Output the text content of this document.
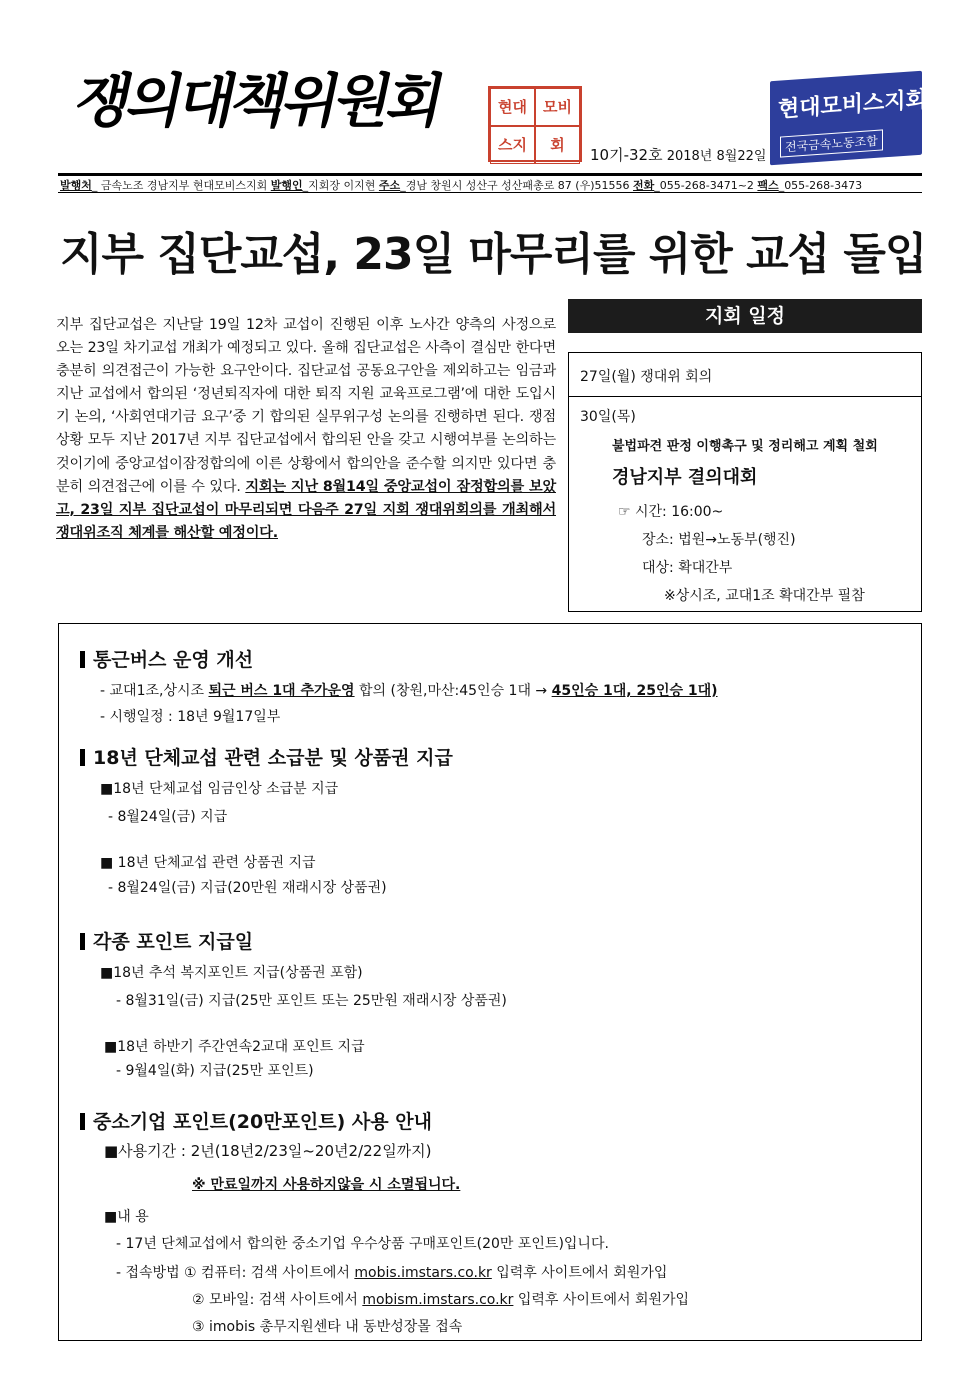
쟁의대책위원회	현대	모비
스지	회
10기-32호 2018년 8월22일
현대모비스지회
전국금속노동조합
발행처_ 금속노조 경남지부 현대모비스지회 발행인_지회장 이지현 주소_경남 창원시 성산구 성산패총로 87 (우)51556 전화_055-268-3471~2 팩스_055-268-3473
지부 집단교섭, 23일 마무리를 위한 교섭 돌입
지부 집단교섭은 지난달 19일 12차 교섭이 진행된 이후 노사간 양측의 사정으로 오는 23일 차기교섭 개최가 예정되고 있다. 올해 집단교섭은 사측이 결심만 한다면 충분히 의견접근이 가능한 요구안이다. 집단교섭 공동요구안을 제외하고는 임금과 지난 교섭에서 합의된 ‘정년퇴직자에 대한 퇴직 지원 교육프로그램’에 대한 도입시기 논의, ‘사회연대기금 요구’중 기 합의된 실무위구성 논의를 진행하면 된다. 쟁점상황 모두 지난 2017년 지부 집단교섭에서 합의된 안을 갖고 시행여부를 논의하는 것이기에 중앙교섭이잠정합의에 이른 상황에서 합의안을 준수할 의지만 있다면 충분히 의견접근에 이를 수 있다. 지회는 지난 8월14일 중앙교섭이 잠정합의를 보았고, 23일 지부 집단교섭이 마무리되면 다음주 27일 지회 쟁대위회의를 개최해서 쟁대위조직 체계를 해산할 예정이다.
지회 일정
27일(월) 쟁대위 회의
30일(목)
불법파견 판정 이행촉구 및 정리해고 계획 철회
경남지부 결의대회
☞ 시간: 16:00~
장소: 법원→노동부(행진)
대상: 확대간부
※상시조, 교대1조 확대간부 필참
통근버스 운영 개선
- 교대1조,상시조 퇴근 버스 1대 추가운영 합의 (창원,마산:45인승 1대 → 45인승 1대, 25인승 1대)
- 시행일정 : 18년 9월17일부
18년 단체교섭 관련 소급분 및 상품권 지급
■18년 단체교섭 임금인상 소급분 지급
- 8월24일(금) 지급
■ 18년 단체교섭 관련 상품권 지급
- 8월24일(금) 지급(20만원 재래시장 상품권)
각종 포인트 지급일
■18년 추석 복지포인트 지급(상품권 포함)
- 8월31일(금) 지급(25만 포인트 또는 25만원 재래시장 상품권)
■18년 하반기 주간연속2교대 포인트 지급
- 9월4일(화) 지급(25만 포인트)
중소기업 포인트(20만포인트) 사용 안내
■사용기간 : 2년(18년2/23일~20년2/22일까지)
※ 만료일까지 사용하지않을 시 소멸됩니다.
■내 용
- 17년 단체교섭에서 합의한 중소기업 우수상품 구매포인트(20만 포인트)입니다.
- 접속방법 ① 컴퓨터: 검색 사이트에서 mobis.imstars.co.kr 입력후 사이트에서 회원가입
② 모바일: 검색 사이트에서 mobism.imstars.co.kr 입력후 사이트에서 회원가입
③ imobis 총무지원센타 내 동반성장몰 접속
